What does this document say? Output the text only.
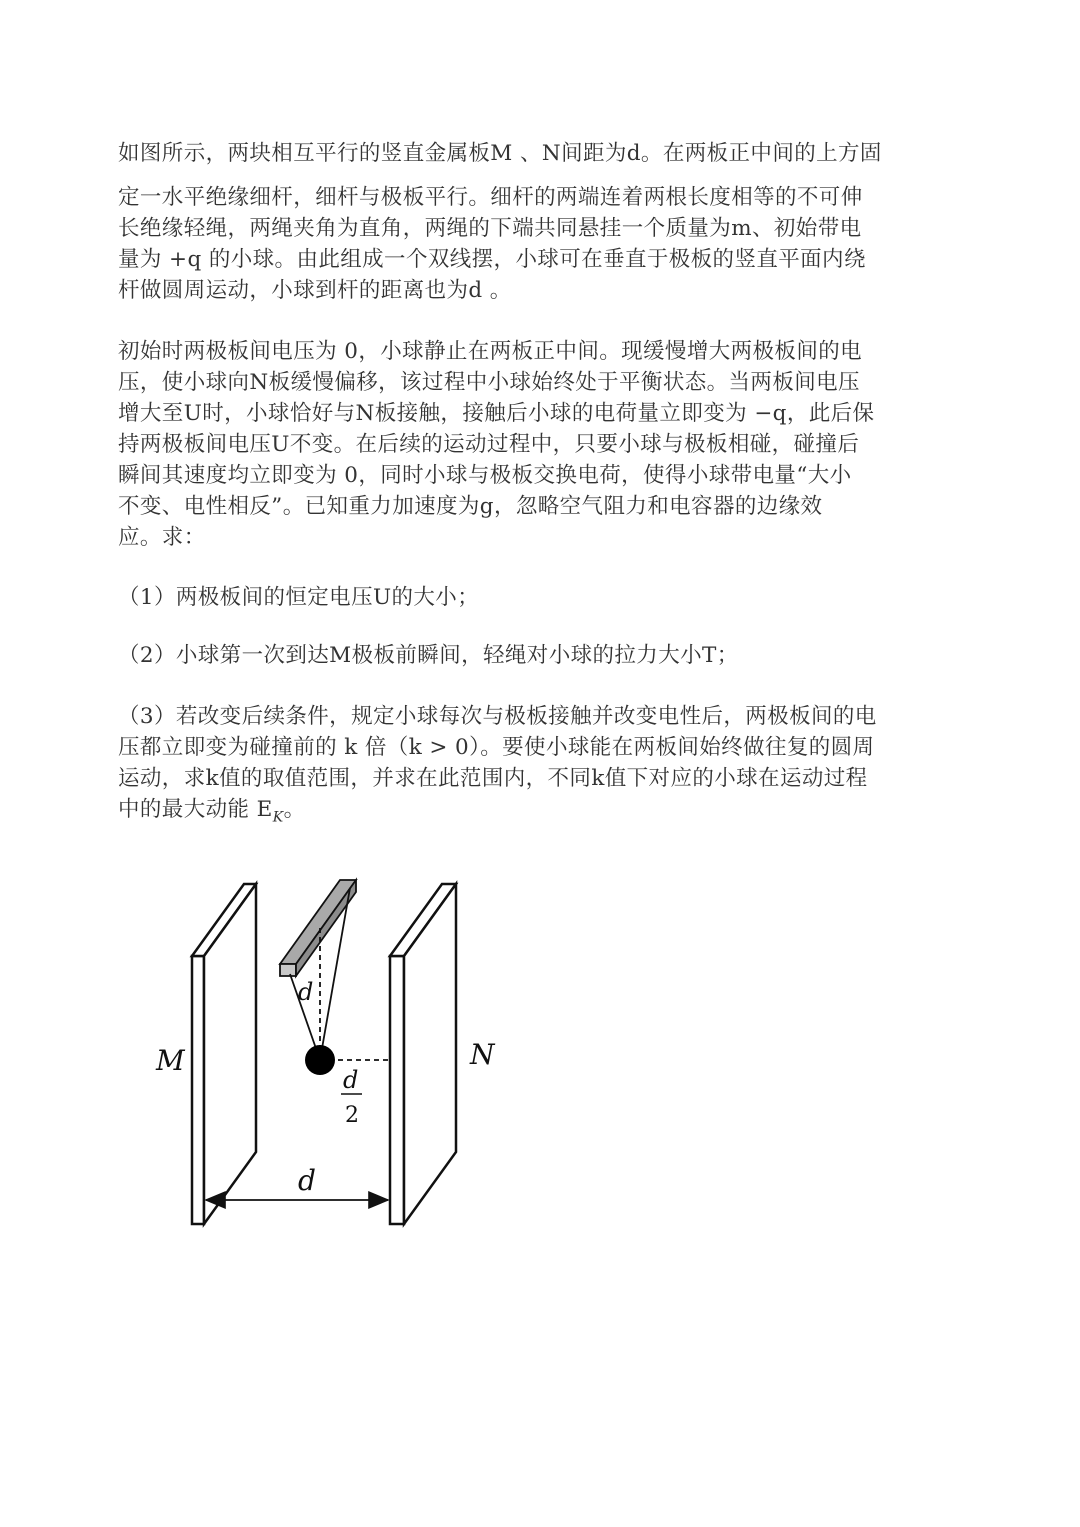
如图所示，两块相互平行的竖直金属板M 、N间距为d。在两板正中间的上方固
定一水平绝缘细杆，细杆与极板平行。细杆的两端连着两根长度相等的不可伸
长绝缘轻绳，两绳夹角为直角，两绳的下端共同悬挂一个质量为m、初始带电
量为 +q 的小球。由此组成一个双线摆，小球可在垂直于极板的竖直平面内绕
杆做圆周运动，小球到杆的距离也为d 。
初始时两极板间电压为 0，小球静止在两板正中间。现缓慢增大两极板间的电
压，使小球向N板缓慢偏移，该过程中小球始终处于平衡状态。当两板间电压
增大至U时，小球恰好与N板接触，接触后小球的电荷量立即变为 −q，此后保
持两极板间电压U不变。在后续的运动过程中，只要小球与极板相碰，碰撞后
瞬间其速度均立即变为 0，同时小球与极板交换电荷，使得小球带电量“大小
不变、电性相反”。已知重力加速度为g，忽略空气阻力和电容器的边缘效
应。求：
（1）两极板间的恒定电压U的大小；
（2）小球第一次到达M极板前瞬间，轻绳对小球的拉力大小T；
（3）若改变后续条件，规定小球每次与极板接触并改变电性后，两极板间的电
压都立即变为碰撞前的 k 倍（k > 0）。要使小球能在两板间始终做往复的圆周
运动，求k值的取值范围，并求在此范围内，不同k值下对应的小球在运动过程
中的最大动能 $E_K$。
M	N
d
d
2
d
